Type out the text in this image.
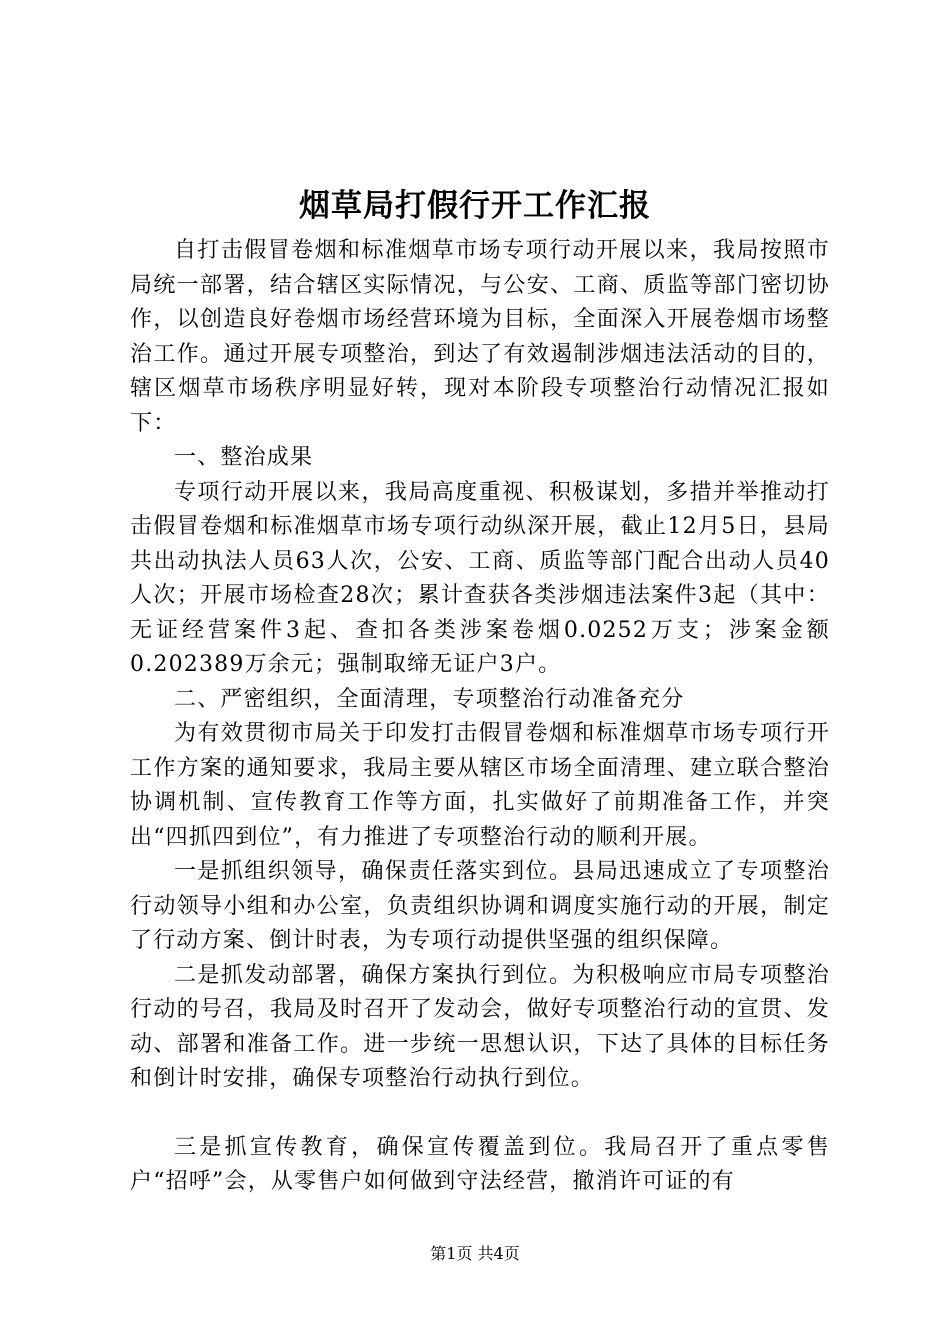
烟草局打假行开工作汇报

自打击假冒卷烟和标准烟草市场专项行动开展以来，我局按照市局统一部署，结合辖区实际情况，与公安、工商、质监等部门密切协作，以创造良好卷烟市场经营环境为目标，全面深入开展卷烟市场整治工作。通过开展专项整治，到达了有效遏制涉烟违法活动的目的，辖区烟草市场秩序明显好转，现对本阶段专项整治行动情况汇报如下：

一、整治成果

专项行动开展以来，我局高度重视、积极谋划，多措并举推动打击假冒卷烟和标准烟草市场专项行动纵深开展，截止12月5日，县局共出动执法人员63人次，公安、工商、质监等部门配合出动人员40人次；开展市场检查28次；累计查获各类涉烟违法案件3起（其中：无证经营案件3起、查扣各类涉案卷烟0.0252万支；涉案金额0.202389万余元；强制取缔无证户3户。

二、严密组织，全面清理，专项整治行动准备充分

为有效贯彻市局关于印发打击假冒卷烟和标准烟草市场专项行开工作方案的通知要求，我局主要从辖区市场全面清理、建立联合整治协调机制、宣传教育工作等方面，扎实做好了前期准备工作，并突出“四抓四到位”，有力推进了专项整治行动的顺利开展。

一是抓组织领导，确保责任落实到位。县局迅速成立了专项整治行动领导小组和办公室，负责组织协调和调度实施行动的开展，制定了行动方案、倒计时表，为专项行动提供坚强的组织保障。

二是抓发动部署，确保方案执行到位。为积极响应市局专项整治行动的号召，我局及时召开了发动会，做好专项整治行动的宣贯、发动、部署和准备工作。进一步统一思想认识，下达了具体的目标任务和倒计时安排，确保专项整治行动执行到位。

三是抓宣传教育，确保宣传覆盖到位。我局召开了重点零售户“招呼”会，从零售户如何做到守法经营，撤消许可证的有

第1页 共4页
